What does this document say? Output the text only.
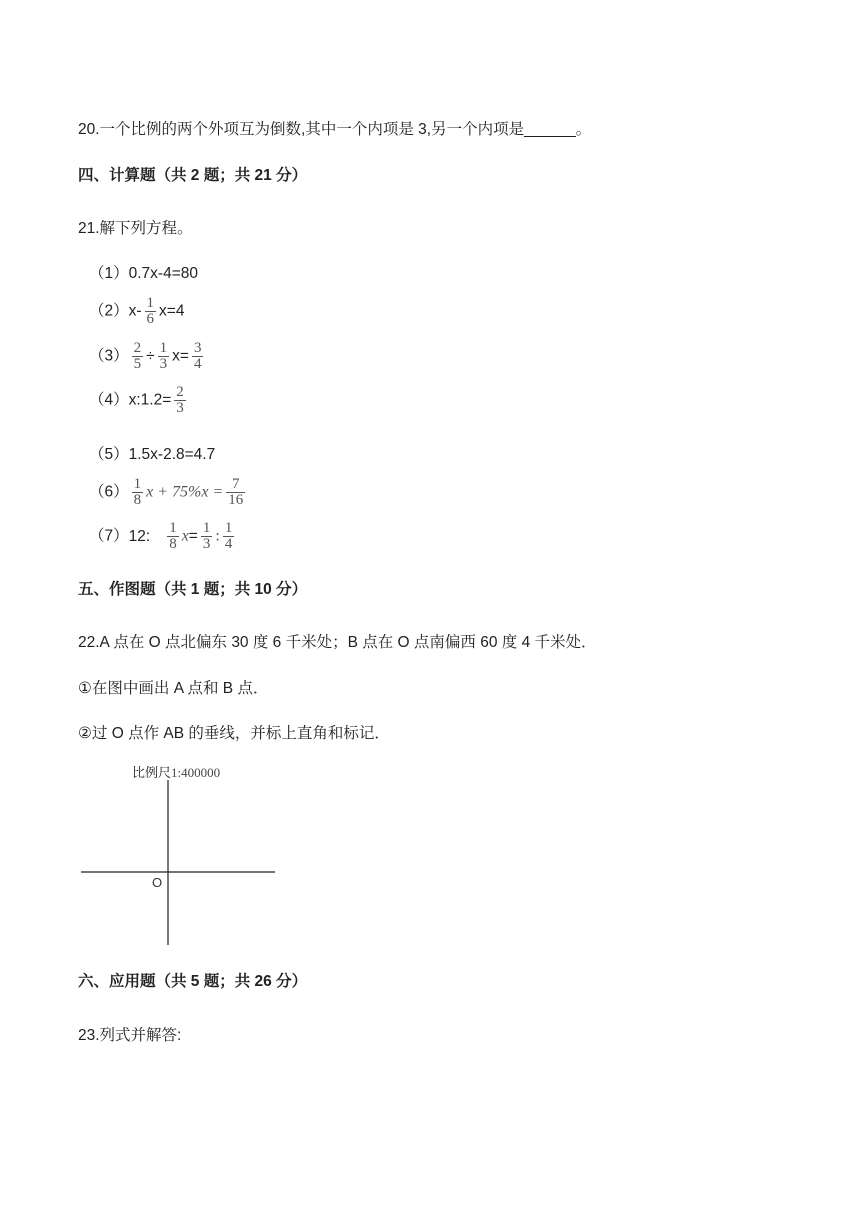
20.一个比例的两个外项互为倒数,其中一个内项是 3,另一个内项是______。
四、计算题（共 2 题；共 21 分）
21.解下列方程。
（1）0.7x-4=80
$(2)x- \frac{1}{6} x=4$
$(3) \frac{2}{5} \div \frac{1}{3} x= \frac{3}{4}$
（4）x:1.2= $\frac{2}{3}$
（5）1.5x-2.8=4.7
$(6) \frac{1}{8}$ $x + 75\%x = \frac{7}{16}$
（7）12: $\frac{1}{8} x= \frac{1}{3}$ : $\frac{1}{4}$
五、作图题（共 1 题；共 10 分）
22.A 点在 O 点北偏东 30 度 6 千米处；B 点在 O 点南偏西 60 度 4 千米处．
①在图中画出 A 点和 B 点．
②过 O 点作 AB 的垂线，并标上直角和标记．
比例尺1:400000
O
六、应用题（共 5 题；共 26 分）
23.列式并解答:
